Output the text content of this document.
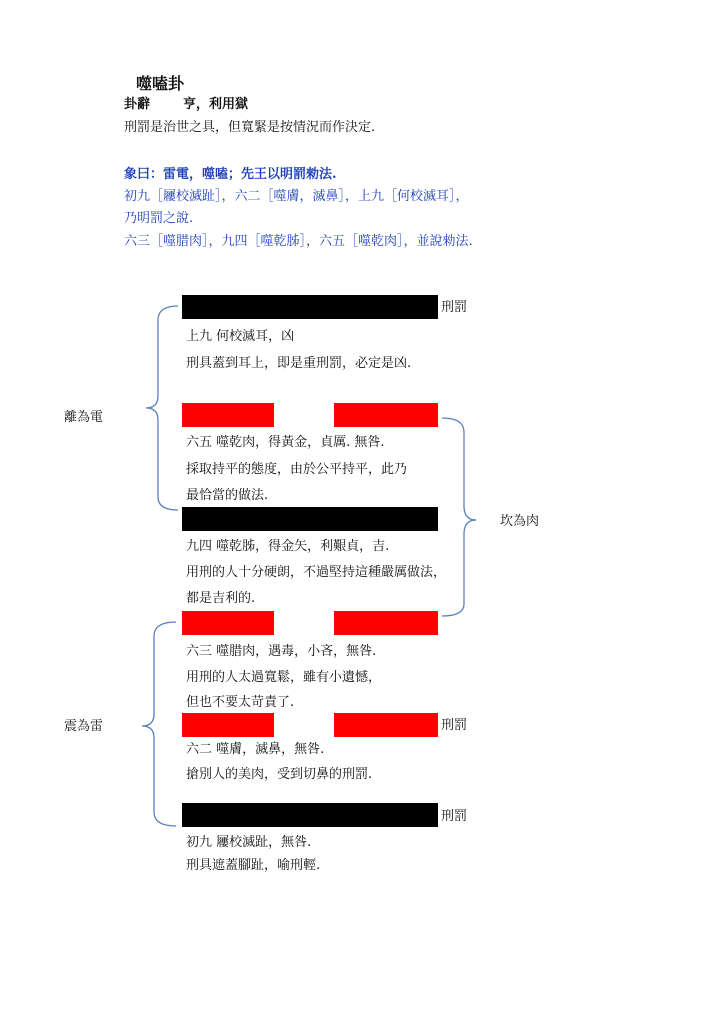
噬嗑卦
卦辭	亨，利用獄
刑罰是治世之具，但寬緊是按情況而作決定.
象曰：雷電，噬嗑；先王以明罰勑法.
初九［屨校滅趾］，六二［噬膚，滅鼻］，上九［何校滅耳］，
乃明罰之說.
六三［噬腊肉］，九四［噬乾胏］，六五［噬乾肉］，並說勑法.
離為電
坎為肉
震為雷
刑罰
上九 何校滅耳，凶
刑具蓋到耳上，即是重刑罰，必定是凶.
六五 噬乾肉，得黃金，貞厲. 無咎.
採取持平的態度，由於公平持平，此乃
最恰當的做法.
九四 噬乾胏，得金矢，利艱貞，吉.
用刑的人十分硬朗，不過堅持這種嚴厲做法，
都是吉利的.
六三 噬腊肉，遇毒，小吝，無咎.
用刑的人太過寬鬆，雖有小遺憾，
但也不要太苛責了.
刑罰
六二 噬膚，滅鼻，無咎.
搶別人的美肉，受到切鼻的刑罰.
刑罰
初九 屨校滅趾，無咎.
刑具遮蓋腳趾，喻刑輕.
